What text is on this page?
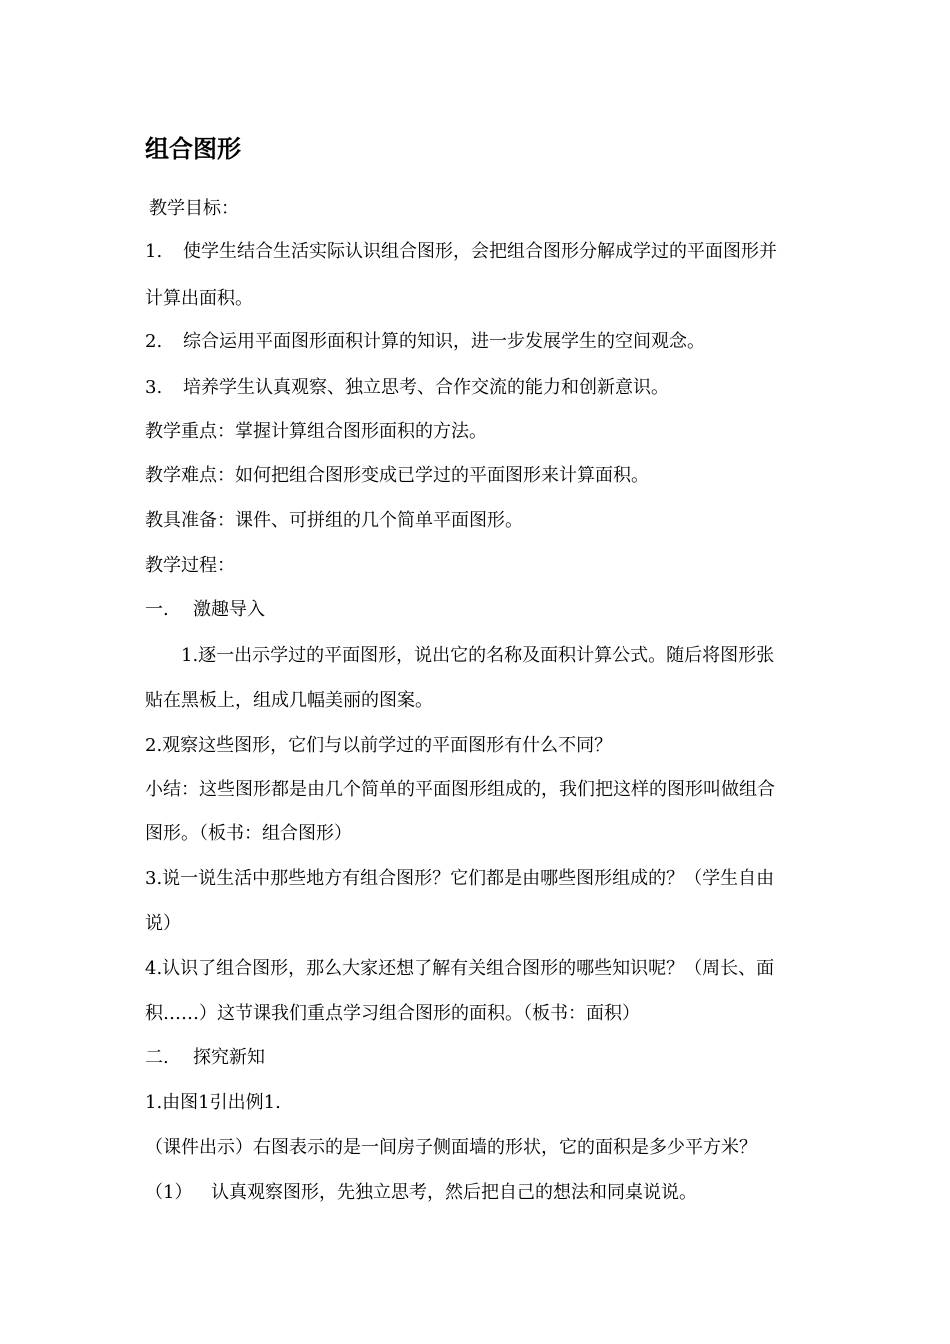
组合图形

教学目标：

1. 使学生结合生活实际认识组合图形，会把组合图形分解成学过的平面图形并

计算出面积。

2. 综合运用平面图形面积计算的知识，进一步发展学生的空间观念。

3. 培养学生认真观察、独立思考、合作交流的能力和创新意识。

教学重点：掌握计算组合图形面积的方法。

教学难点：如何把组合图形变成已学过的平面图形来计算面积。

教具准备：课件、可拼组的几个简单平面图形。

教学过程：

一. 激趣导入

1.逐一出示学过的平面图形，说出它的名称及面积计算公式。随后将图形张

贴在黑板上，组成几幅美丽的图案。

2.观察这些图形，它们与以前学过的平面图形有什么不同？

小结：这些图形都是由几个简单的平面图形组成的，我们把这样的图形叫做组合

图形。（板书：组合图形）

3.说一说生活中那些地方有组合图形？它们都是由哪些图形组成的？（学生自由

说）

4.认识了组合图形，那么大家还想了解有关组合图形的哪些知识呢？（周长、面

积……）这节课我们重点学习组合图形的面积。（板书：面积）

二. 探究新知

1.由图1引出例1.

（课件出示）右图表示的是一间房子侧面墙的形状，它的面积是多少平方米？

（1） 认真观察图形，先独立思考，然后把自己的想法和同桌说说。
